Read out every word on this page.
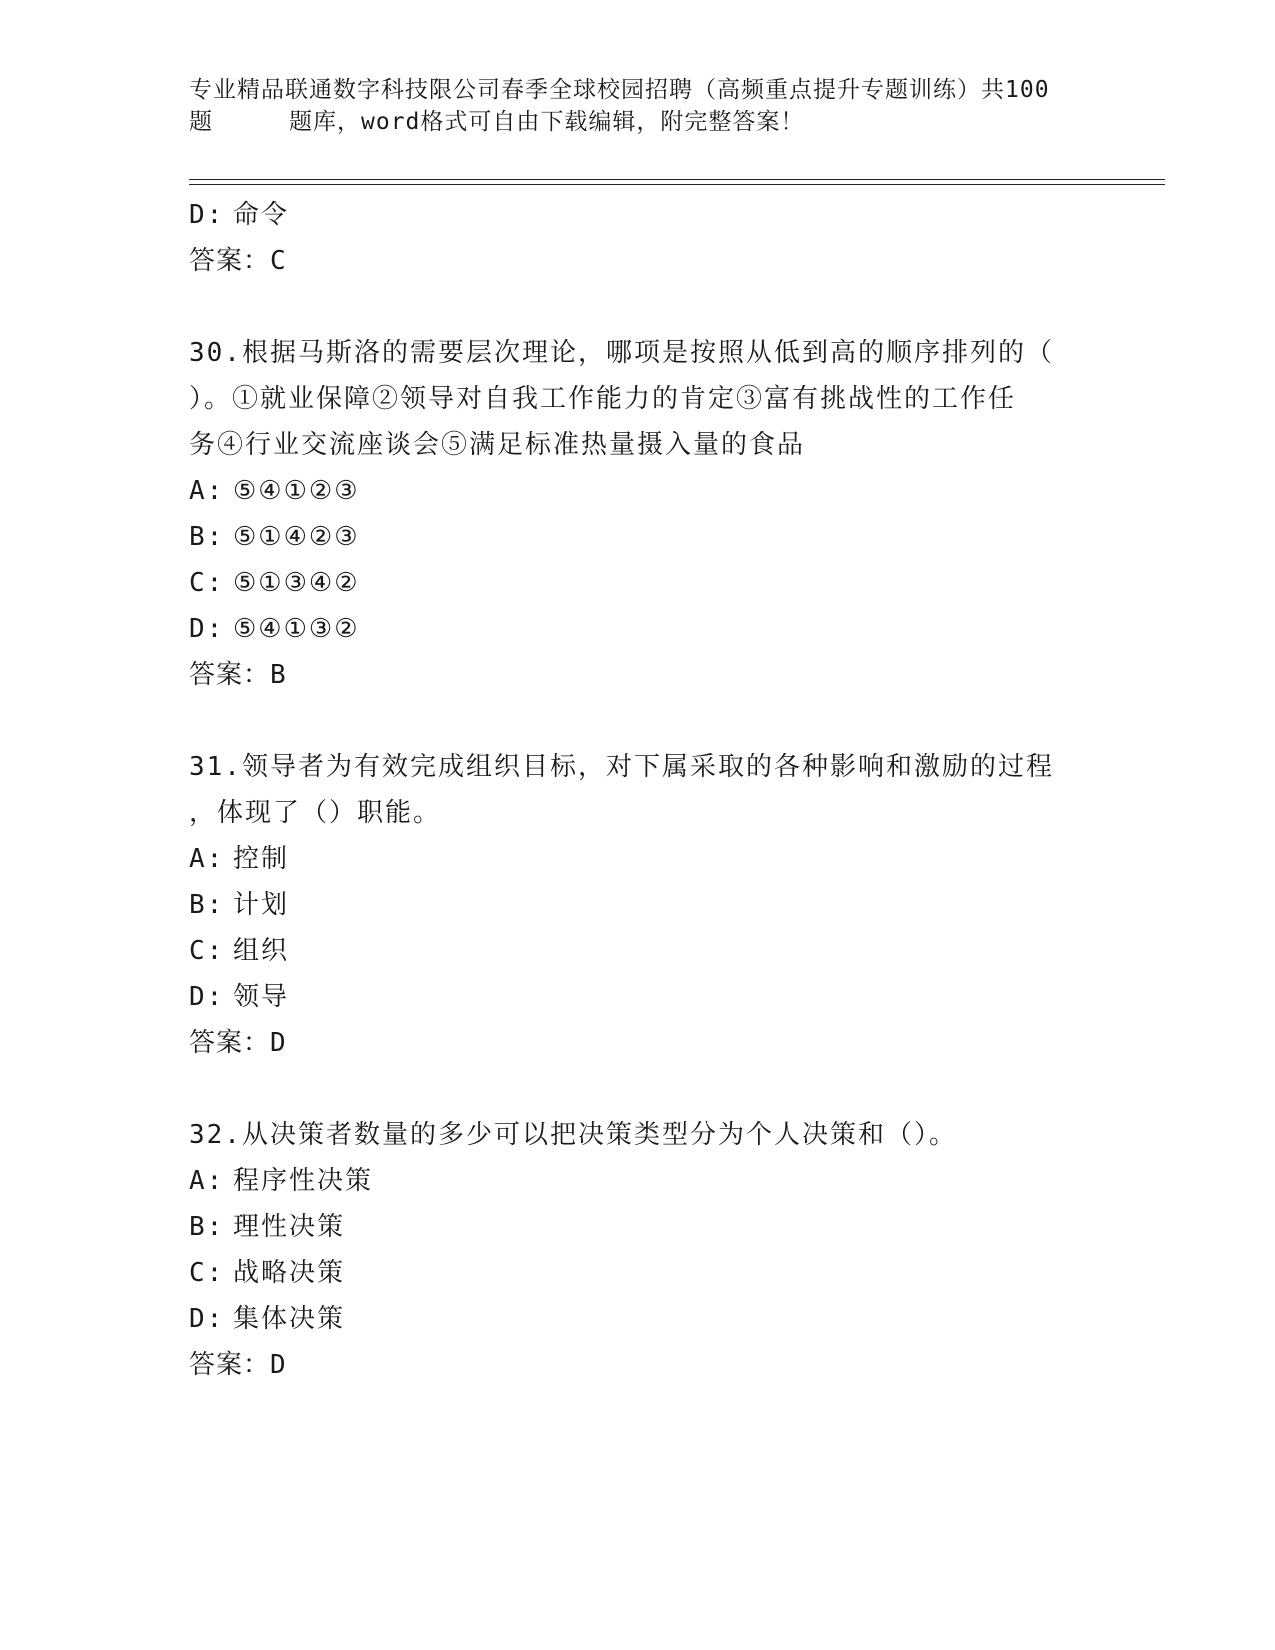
专业精品联通数字科技限公司春季全球校园招聘（高频重点提升专题训练）共100
题	题库，word格式可自由下载编辑，附完整答案！
D: 命令
答案：C
30.根据马斯洛的需要层次理论，哪项是按照从低到高的顺序排列的（
）。①就业保障②领导对自我工作能力的肯定③富有挑战性的工作任
务④行业交流座谈会⑤满足标准热量摄入量的食品
A: ⑤④①②③
B: ⑤①④②③
C: ⑤①③④②
D: ⑤④①③②
答案：B
31.领导者为有效完成组织目标，对下属采取的各种影响和激励的过程
，体现了（）职能。
A: 控制
B: 计划
C: 组织
D: 领导
答案：D
32.从决策者数量的多少可以把决策类型分为个人决策和（）。
A: 程序性决策
B: 理性决策
C: 战略决策
D: 集体决策
答案：D
